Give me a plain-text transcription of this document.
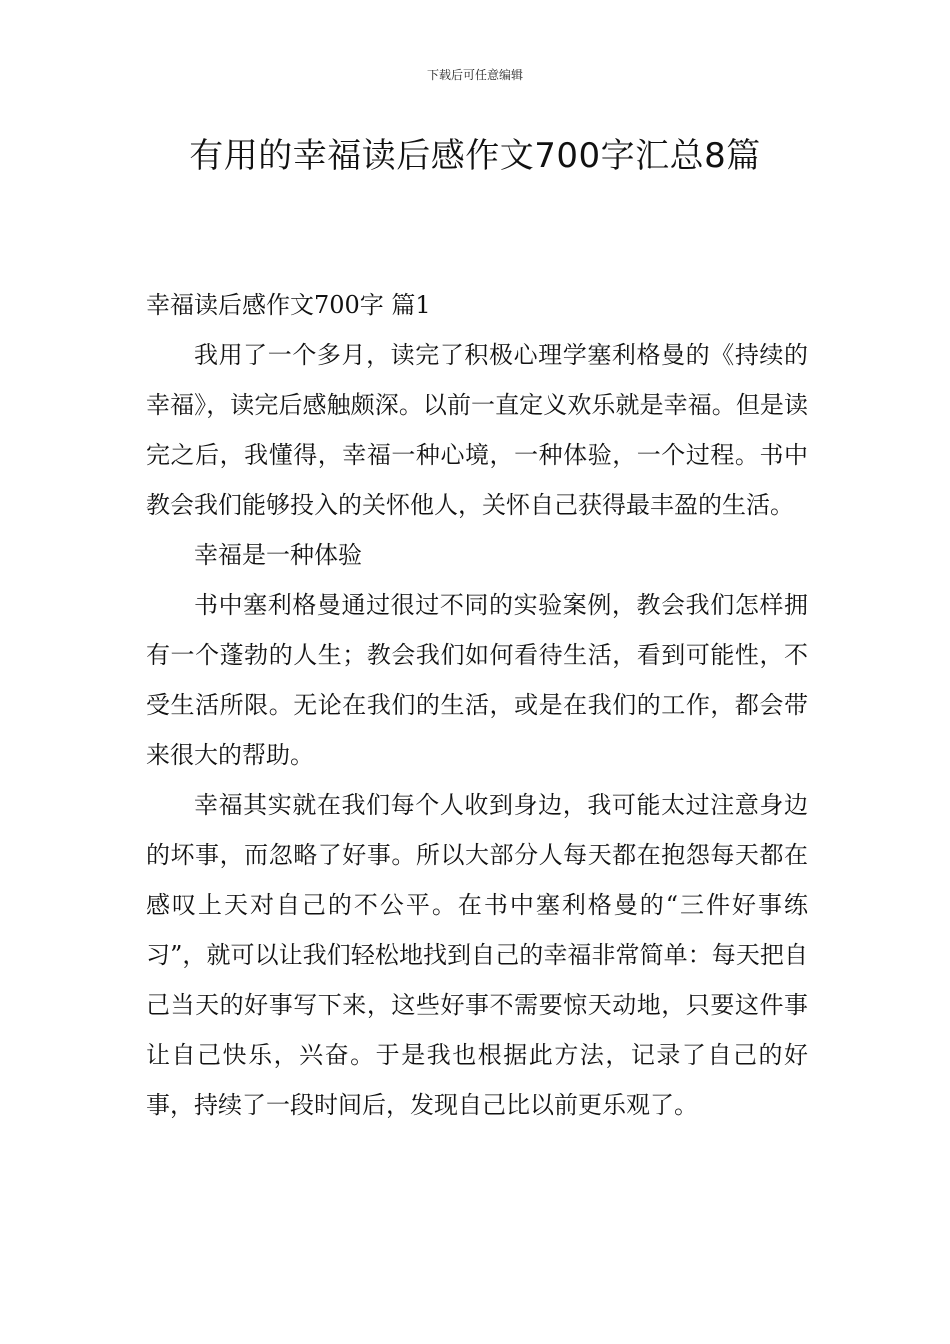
下载后可任意编辑
有用的幸福读后感作文700字汇总8篇

幸福读后感作文700字 篇1

我用了一个多月，读完了积极心理学塞利格曼的《持续的幸福》，读完后感触颇深。以前一直定义欢乐就是幸福。但是读完之后，我懂得，幸福一种心境，一种体验，一个过程。书中教会我们能够投入的关怀他人，关怀自己获得最丰盈的生活。

幸福是一种体验

书中塞利格曼通过很过不同的实验案例，教会我们怎样拥有一个蓬勃的人生；教会我们如何看待生活，看到可能性，不受生活所限。无论在我们的生活，或是在我们的工作，都会带来很大的帮助。

幸福其实就在我们每个人收到身边，我可能太过注意身边的坏事，而忽略了好事。所以大部分人每天都在抱怨每天都在感叹上天对自己的不公平。在书中塞利格曼的“三件好事练习”，就可以让我们轻松地找到自己的幸福非常简单：每天把自己当天的好事写下来，这些好事不需要惊天动地，只要这件事让自己快乐，兴奋。于是我也根据此方法，记录了自己的好事，持续了一段时间后，发现自己比以前更乐观了。
